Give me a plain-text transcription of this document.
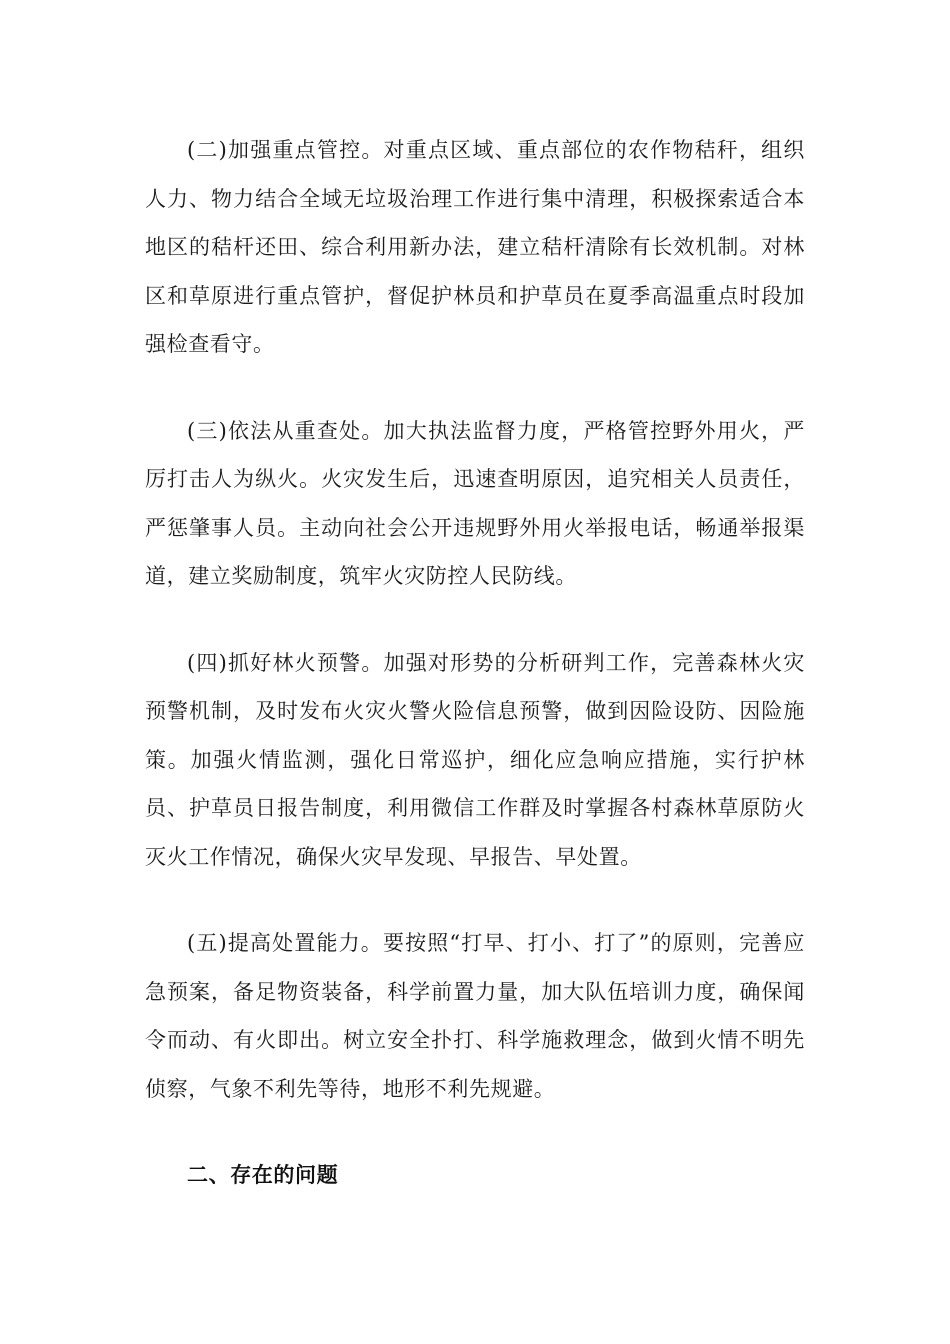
(二)加强重点管控。对重点区域、重点部位的农作物秸秆，组织人力、物力结合全域无垃圾治理工作进行集中清理，积极探索适合本地区的秸杆还田、综合利用新办法，建立秸杆清除有长效机制。对林区和草原进行重点管护，督促护林员和护草员在夏季高温重点时段加强检查看守。

(三)依法从重查处。加大执法监督力度，严格管控野外用火，严厉打击人为纵火。火灾发生后，迅速查明原因，追究相关人员责任，严惩肇事人员。主动向社会公开违规野外用火举报电话，畅通举报渠道，建立奖励制度，筑牢火灾防控人民防线。

(四)抓好林火预警。加强对形势的分析研判工作，完善森林火灾预警机制，及时发布火灾火警火险信息预警，做到因险设防、因险施策。加强火情监测，强化日常巡护，细化应急响应措施，实行护林员、护草员日报告制度，利用微信工作群及时掌握各村森林草原防火灭火工作情况，确保火灾早发现、早报告、早处置。

(五)提高处置能力。要按照“打早、打小、打了”的原则，完善应急预案，备足物资装备，科学前置力量，加大队伍培训力度，确保闻令而动、有火即出。树立安全扑打、科学施救理念，做到火情不明先侦察，气象不利先等待，地形不利先规避。

二、存在的问题
